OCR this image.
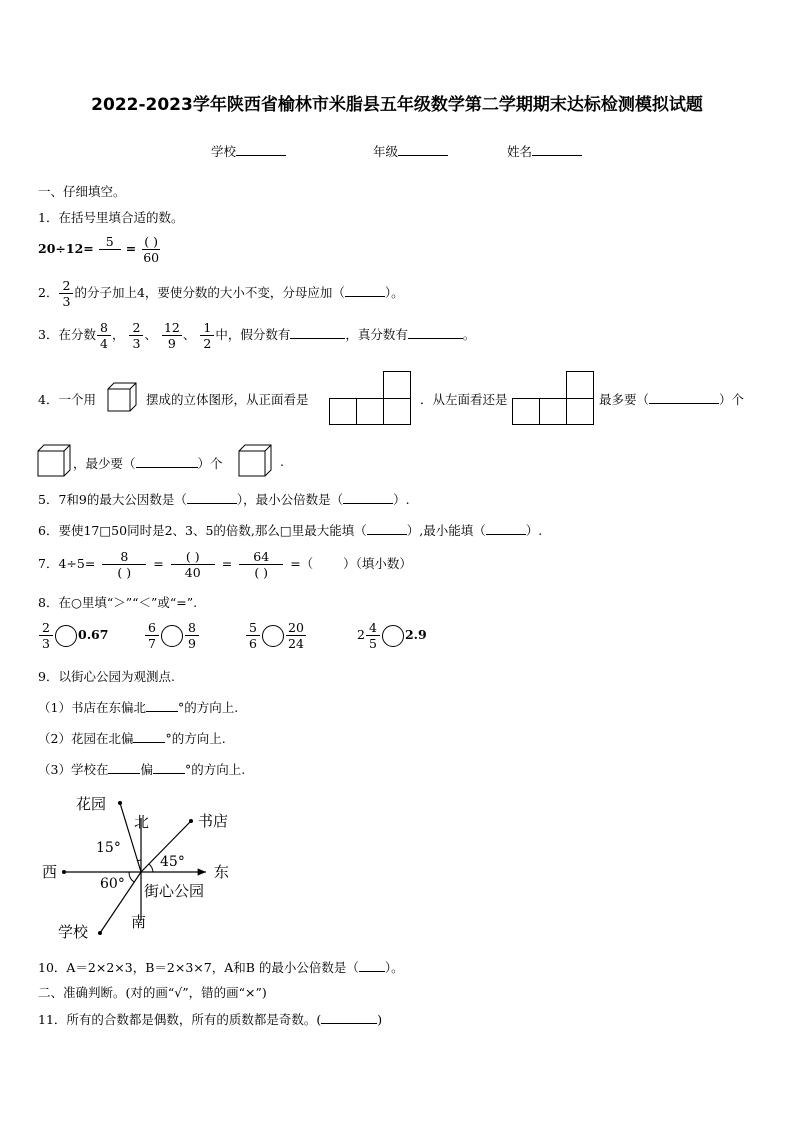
2022-2023学年陕西省榆林市米脂县五年级数学第二学期期末达标检测模拟试题
学校	年级	姓名
一、仔细填空。
1．在括号里填合适的数。
$20\div 12= 5 = \frac{( )}{60}$
2． $\frac{2}{3}$ 的分子加上4，要使分数的大小不变，分母应加（	）。
3．在分数 $\frac{8}{4}$ ， $\frac{2}{3}$ 、 $\frac{12}{9}$ 、 $\frac{1}{2}$ 中，假分数有	，真分数有	。
4．一个用	摆成的立体图形，从正面看是	．从左面看还是	最多要（	）个
，最少要（	）个	.
5．7和9的最大公因数是（	），最小公倍数是（	）.
6．要使17□50同时是2、3、5的倍数,那么□里最大能填（	）,最小能填（	）.
7．$4\div 5= \frac{8}{( )} = \frac{( )}{40} = \frac{64}{( )}$ =（ ）（填小数）
8．在○里填“＞”“＜”或“=”.
$\frac{2}{3} 0.67$	$\frac{6}{7} \frac{8}{9}$	$\frac{5}{6} \frac{20}{24}$	$2 \frac{4}{5} 2.9$
9．以街心公园为观测点.
（1）书店在东偏北	°的方向上.
（2）花园在北偏	°的方向上.
（3）学校在	偏	°的方向上.
花园
北	书店
15°
45°
西	东
60° 街心公园
南
学校
10．A＝2×2×3，B＝2×3×7，A和B 的最小公倍数是（ ）。
二、准确判断。(对的画“√”，错的画“×”)
11．所有的合数都是偶数，所有的质数都是奇数。(	)
